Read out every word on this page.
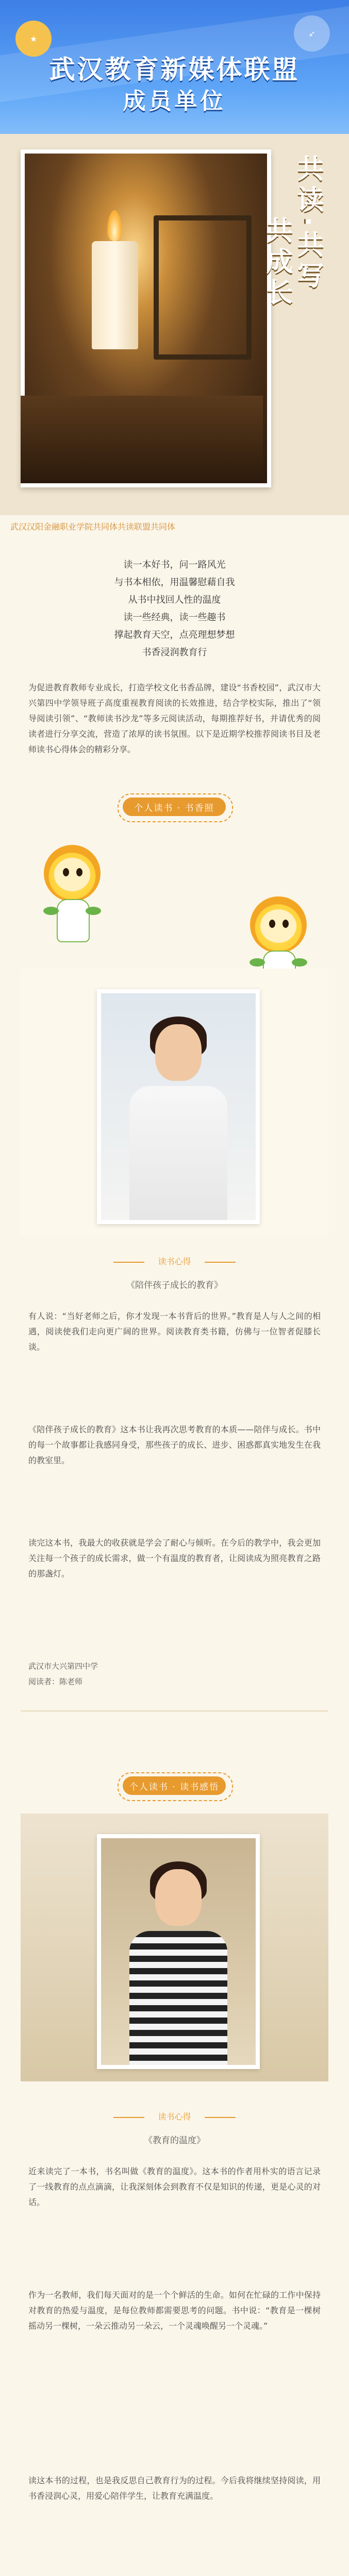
武汉教育新媒体联盟
成员单位
★
➶
共读·共写
共成长
武汉汉阳金融职业学院共同体共读联盟共同体
读一本好书，问一路风光
与书本相依，用温馨慰藉自我
从书中找回人性的温度
读一些经典，读一些趣书
撑起教育天空，点亮理想梦想
书香浸润教育行
为促进教育教师专业成长，打造学校文化书香品牌，建设“书香校园”，武汉市大兴第四中学领导班子高度重视教育阅读的长效推进，结合学校实际，推出了“领导阅读引领”、“教师读书沙龙”等多元阅读活动，每期推荐好书，并请优秀的阅读者进行分享交流，营造了浓厚的读书氛围。以下是近期学校推荐阅读书目及老师读书心得体会的精彩分享。
个人读书 · 书香照
读书心得
《陪伴孩子成长的教育》
有人说：“当好老师之后，你才发现一本书背后的世界。”教育是人与人之间的相遇，阅读使我们走向更广阔的世界。阅读教育类书籍，仿佛与一位智者促膝长谈。
《陪伴孩子成长的教育》这本书让我再次思考教育的本质——陪伴与成长。书中的每一个故事都让我感同身受，那些孩子的成长、进步、困惑都真实地发生在我的教室里。
读完这本书，我最大的收获就是学会了耐心与倾听。在今后的教学中，我会更加关注每一个孩子的成长需求，做一个有温度的教育者，让阅读成为照亮教育之路的那盏灯。
武汉市大兴第四中学
阅读者：陈老师
个人读书 · 读书感悟
读书心得
《教育的温度》
近来读完了一本书，书名叫做《教育的温度》。这本书的作者用朴实的语言记录了一线教育的点点滴滴，让我深刻体会到教育不仅是知识的传递，更是心灵的对话。
作为一名教师，我们每天面对的是一个个鲜活的生命。如何在忙碌的工作中保持对教育的热爱与温度，是每位教师都需要思考的问题。书中说：“教育是一棵树摇动另一棵树，一朵云推动另一朵云，一个灵魂唤醒另一个灵魂。”
读这本书的过程，也是我反思自己教育行为的过程。今后我将继续坚持阅读，用书香浸润心灵，用爱心陪伴学生，让教育充满温度。
